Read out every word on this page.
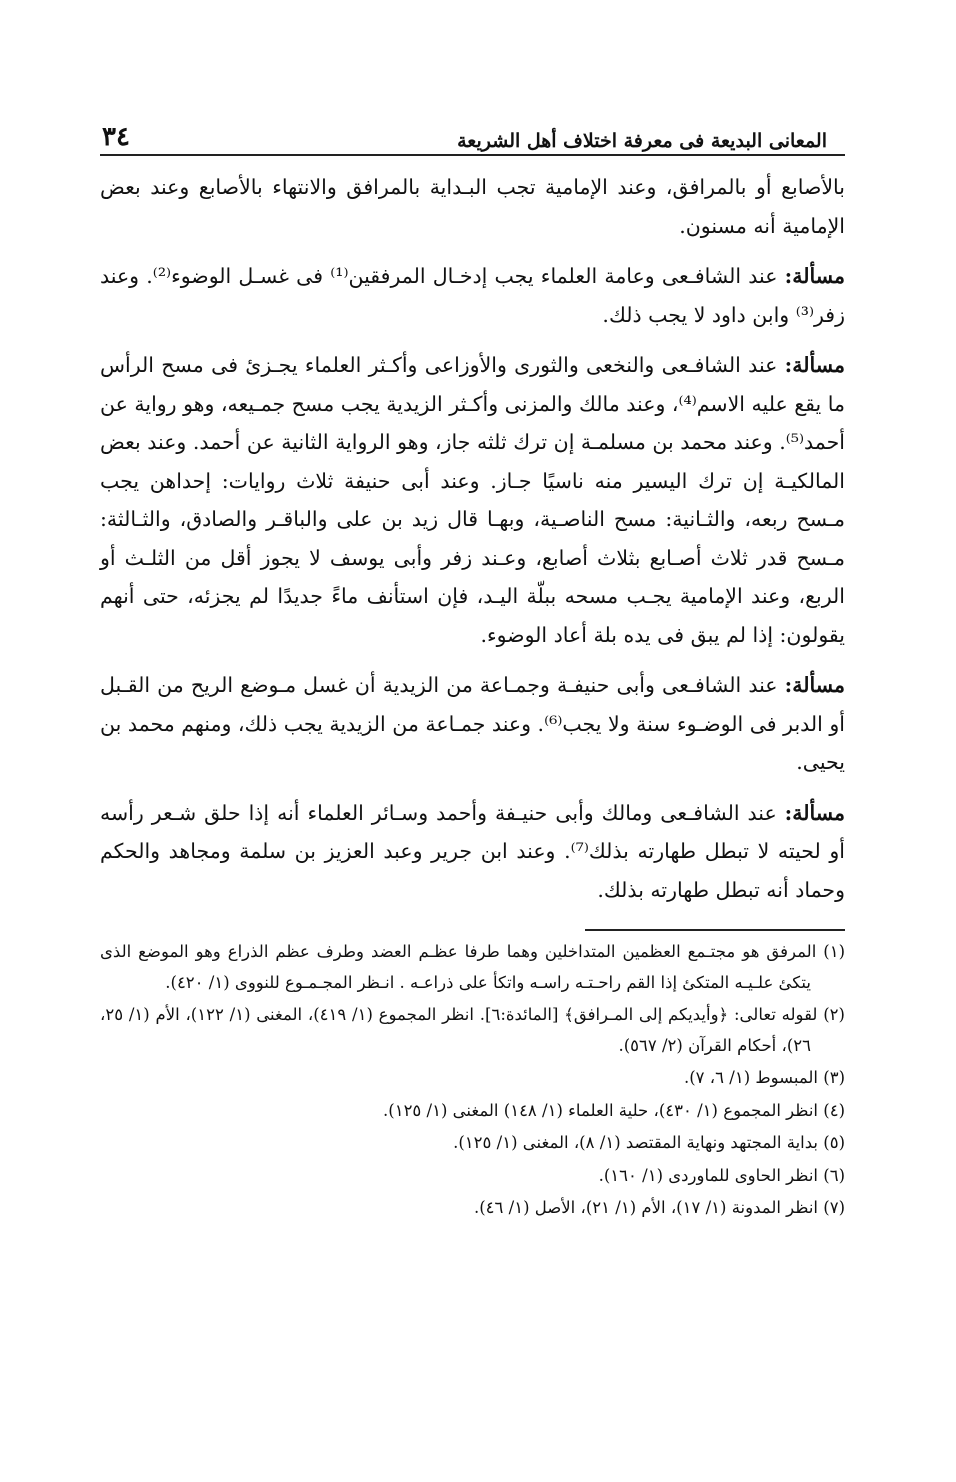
المعانى البديعة فى معرفة اختلاف أهل الشريعة
٣٤

بالأصابع أو بالمرافق، وعند الإمامية تجب البـداية بالمرافق والانتهاء بالأصابع وعند بعض الإمامية أنه مسنون.

مسألة: عند الشافـعى وعامة العلماء يجب إدخـال المرفقين⁽¹⁾ فى غسـل الوضوء⁽²⁾. وعند زفر⁽³⁾ وابن داود لا يجب ذلك.

مسألة: عند الشافـعى والنخعى والثورى والأوزاعى وأكـثر العلماء يجـزئ فى مسح الرأس ما يقع عليه الاسم⁽⁴⁾، وعند مالك والمزنى وأكـثر الزيدية يجب مسح جمـيعه، وهو رواية عن أحمد⁽⁵⁾. وعند محمد بن مسلمـة إن ترك ثلثه جاز، وهو الرواية الثانية عن أحمد. وعند بعض المالكيـة إن ترك اليسير منه ناسيًا جـاز. وعند أبى حنيفة ثلاث روايات: إحداهن يجب مـسح ربعه، والثـانية: مسح الناصـية، وبهـا قال زيد بن على والباقـر والصادق، والثـالثة: مـسح قدر ثلاث أصـابع بثلاث أصابع، وعـند زفر وأبى يوسف لا يجوز أقل من الثلـث أو الربع، وعند الإمامية يجـب مسحه ببلّة اليـد، فإن استأنف ماءً جديدًا لم يجزئه، حتى أنهم يقولون: إذا لم يبق فى يده بلة أعاد الوضوء.

مسألة: عند الشافـعى وأبى حنيفـة وجمـاعة من الزيدية أن غسل مـوضع الريح من القـبل أو الدبر فى الوضـوء سنة ولا يجب⁽⁶⁾. وعند جمـاعة من الزيدية يجب ذلك، ومنهم محمد بن يحيى.

مسألة: عند الشافـعى ومالك وأبى حنيـفة وأحمد وسـائر العلماء أنه إذا حلق شـعر رأسه أو لحيته لا تبطل طهارته بذلك⁽⁷⁾. وعند ابن جرير وعبد العزيز بن سلمة ومجاهد والحكم وحماد أنه تبطل طهارته بذلك.

(١) المرفق هو مجتـمع العظمين المتداخلين وهما طرفا عظـم العضد وطرف عظم الذراع وهو الموضع الذى يتكئ علـيـه المتكئ إذا القم راحـتـه راسـه واتكأ على ذراعـه . انـظر المجـمـوع للنووى (١/ ٤٢٠).

(٢) لقوله تعالى: ﴿وأيديكم إلى المـرافق﴾ [المائدة:٦]. انظر المجموع (١/ ٤١٩)، المغنى (١/ ١٢٢)، الأم (١/ ٢٥، ٢٦)، أحكام القرآن (٢/ ٥٦٧).

(٣) المبسوط (١/ ٦، ٧).

(٤) انظر المجموع (١/ ٤٣٠)، حلية العلماء (١/ ١٤٨) المغنى (١/ ١٢٥).

(٥) بداية المجتهد ونهاية المقتصد (١/ ٨)، المغنى (١/ ١٢٥).

(٦) انظر الحاوى للماوردى (١/ ١٦٠).

(٧) انظر المدونة (١/ ١٧)، الأم (١/ ٢١)، الأصل (١/ ٤٦).
